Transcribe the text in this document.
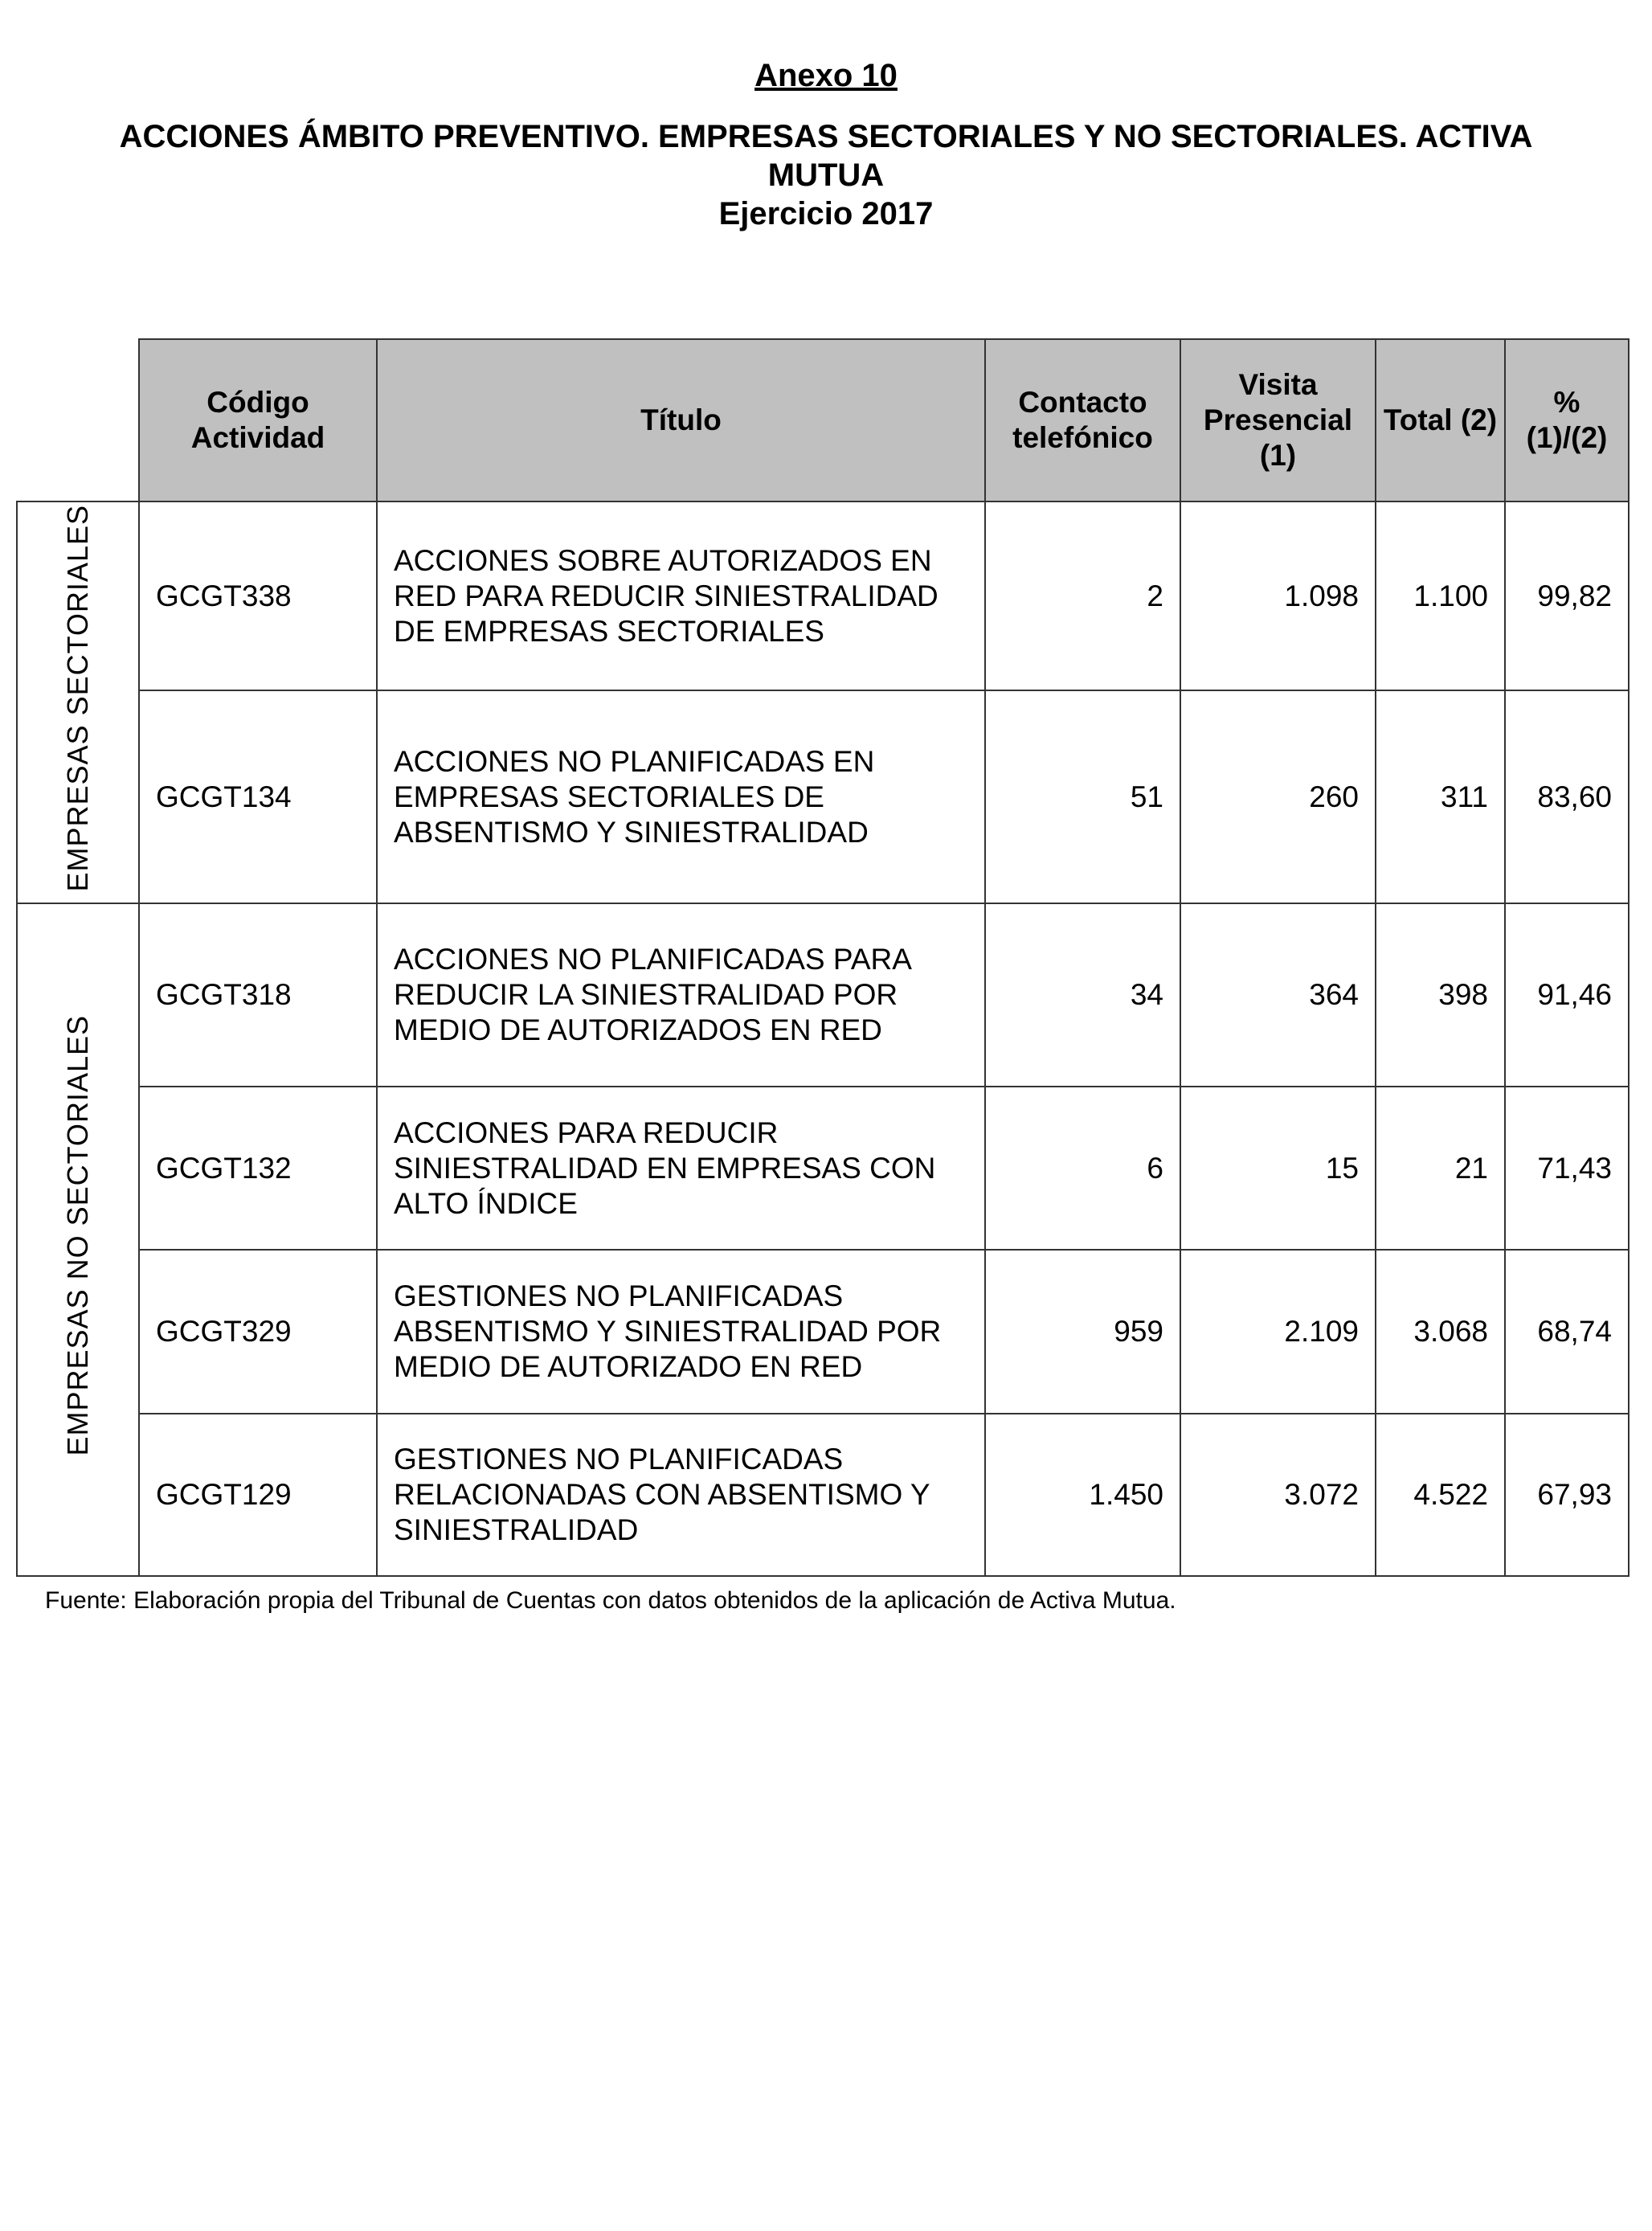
Anexo 10
ACCIONES ÁMBITO PREVENTIVO. EMPRESAS SECTORIALES Y NO SECTORIALES. ACTIVA
MUTUA
Ejercicio 2017
	Código Actividad	Título	Contacto telefónico	Visita Presencial (1)	Total (2)	% (1)/(2)
EMPRESAS SECTORIALES	GCGT338	ACCIONES SOBRE AUTORIZADOS EN RED PARA REDUCIR SINIESTRALIDAD DE EMPRESAS SECTORIALES	2	1.098	1.100	99,82
	GCGT134	ACCIONES NO PLANIFICADAS EN EMPRESAS SECTORIALES DE ABSENTISMO Y SINIESTRALIDAD	51	260	311	83,60
EMPRESAS NO SECTORIALES	GCGT318	ACCIONES NO PLANIFICADAS PARA REDUCIR LA SINIESTRALIDAD POR MEDIO DE AUTORIZADOS EN RED	34	364	398	91,46
	GCGT132	ACCIONES PARA REDUCIR SINIESTRALIDAD EN EMPRESAS CON ALTO ÍNDICE	6	15	21	71,43
	GCGT329	GESTIONES NO PLANIFICADAS ABSENTISMO Y SINIESTRALIDAD POR MEDIO DE AUTORIZADO EN RED	959	2.109	3.068	68,74
	GCGT129	GESTIONES NO PLANIFICADAS RELACIONADAS CON ABSENTISMO Y SINIESTRALIDAD	1.450	3.072	4.522	67,93
Fuente: Elaboración propia del Tribunal de Cuentas con datos obtenidos de la aplicación de Activa Mutua.
